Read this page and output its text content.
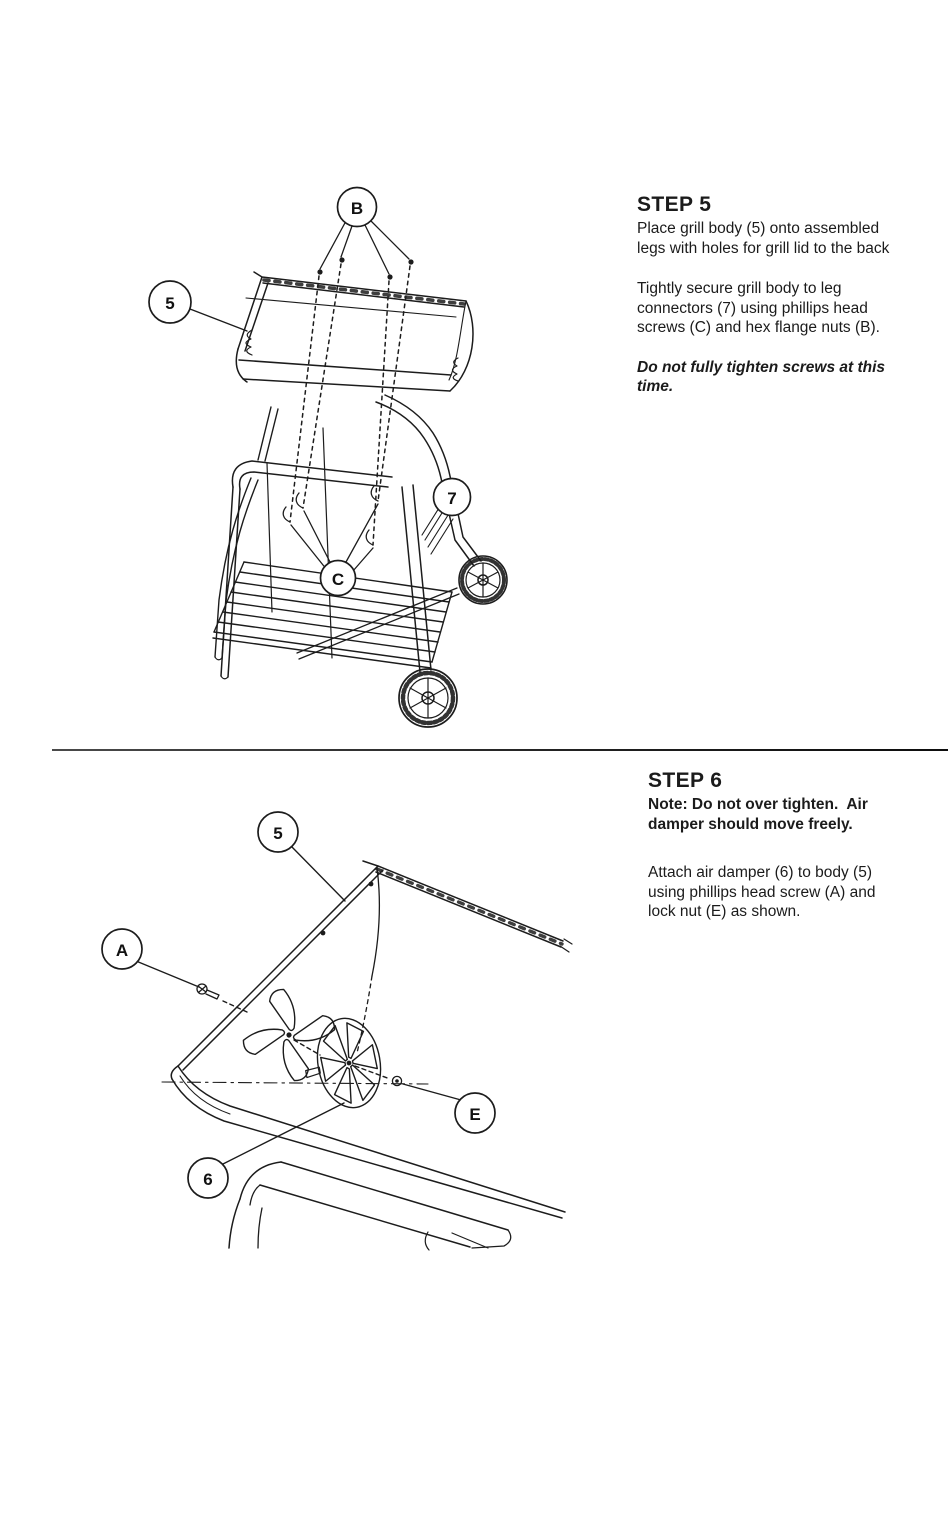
5
B
7
C
STEP 5

Place grill body (5) onto assembled
legs with holes for grill lid to the back

Tightly secure grill body to leg
connectors (7) using phillips head
screws (C) and hex flange nuts (B).

Do not fully tighten screws at this
time.

5
A
E
6
STEP 6

Note: Do not over tighten.  Air
damper should move freely.

Attach air damper (6) to body (5)
using phillips head screw (A) and
lock nut (E) as shown.
